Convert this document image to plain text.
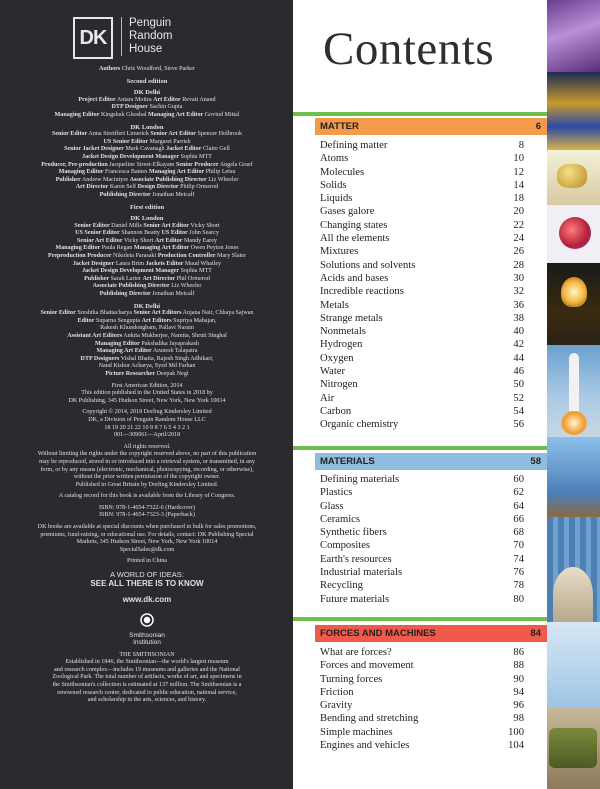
DK
Penguin
Random
House

Authors Chris Woodford, Steve Parker

Second edition

DK Delhi

Project Editor Antara Moitra Art Editor Revati Anand

DTP Designer Sachin Gupta

Managing Editor Kingshuk Ghoshal Managing Art Editor Govind Mittal

DK London

Senior Editor Anna Streiffert Limerick Senior Art Editor Spencer Holbrook

US Senior Editor Margaret Parrish

Senior Jacket Designer Mark Cavanagh Jacket Editor Claire Gell

Jacket Design Development Manager Sophia MTT

Producer, Pre-production Jacqueline Street-Elkayam Senior Producer Angela Graef

Managing Editor Francesca Baines Managing Art Editor Philip Letsu

Publisher Andrew Macintyre Associate Publishing Director Liz Wheeler

Art Director Karen Self Design Director Philip Ormerod

Publishing Director Jonathan Metcalf

First edition

DK London

Senior Editor Daniel Mills Senior Art Editor Vicky Short

US Senior Editor Shannon Beatty US Editor John Searcy

Senior Art Editor Vicky Short Art Editor Mandy Earey

Managing Editor Paula Regan Managing Art Editor Owen Peyton Jones

Preproduction Producer Nikoleta Parasaki Production Controller Mary Slater

Jacket Designer Laura Brim Jackets Editor Maud Whatley

Jacket Design Development Manager Sophia MTT

Publisher Sarah Larter Art Director Phil Ormerod

Associate Publishing Director Liz Wheeler

Publishing Director Jonathan Metcalf

DK Delhi

Senior Editor Sreshtha Bhattacharya Senior Art Editors Anjana Nair, Chhaya Sajwan

Editor Suparna Sengupta Art Editors Supriya Mahajan,

Rakesh Khundongbam, Pallavi Narain

Assistant Art Editors Ankita Mukherjee, Namita, Shruti Singhal

Managing Editor Pakshalika Jayaprakash

Managing Art Editor Arunesh Talapatra

DTP Designers Vishal Bhatia, Rajesh Singh Adhikari,

Nand Kishor Acharya, Syed Md Farhan

Picture Researcher Deepak Negi

First American Edition, 2014

This edition published in the United States in 2018 by

DK Publishing, 345 Hudson Street, New York, New York 10014

Copyright © 2014, 2018 Dorling Kindersley Limited

DK, a Division of Penguin Random House LLC

18 19 20 21 22 10 9 8 7 6 5 4 3 2 1

001—309061—April/2018

All rights reserved.

Without limiting the rights under the copyright reserved above, no part of this publication

may be reproduced, stored in or introduced into a retrieval system, or transmitted, in any

form, or by any means (electronic, mechanical, photocopying, recording, or otherwise),

without the prior written permission of the copyright owner.

Published in Great Britain by Dorling Kindersley Limited.

A catalog record for this book is available from the Library of Congress.

ISBN: 978-1-4654-7322-6 (Hardcover)

ISBN: 978-1-4654-7323-3 (Paperback)

DK books are available at special discounts when purchased in bulk for sales promotions,

premiums, fund-raising, or educational use. For details, contact: DK Publishing Special

Markets, 345 Hudson Street, New York, New York 10014

SpecialSales@dk.com

Printed in China

A WORLD OF IDEAS:

SEE ALL THERE IS TO KNOW

www.dk.com

Smithsonian

Institution

THE SMITHSONIAN

Established in 1846, the Smithsonian—the world's largest museum

and research complex—includes 19 museums and galleries and the National

Zoological Park. The total number of artifacts, works of art, and specimens in

the Smithsonian's collection is estimated at 137 million. The Smithsonian is a

renowned research center, dedicated to public education, national service,

and scholarship in the arts, sciences, and history.

Contents
MATTER	6
Defining matter	8
Atoms	10
Molecules	12
Solids	14
Liquids	18
Gases galore	20
Changing states	22
All the elements	24
Mixtures	26
Solutions and solvents	28
Acids and bases	30
Incredible reactions	32
Metals	36
Strange metals	38
Nonmetals	40
Hydrogen	42
Oxygen	44
Water	46
Nitrogen	50
Air	52
Carbon	54
Organic chemistry	56
MATERIALS	58
Defining materials	60
Plastics	62
Glass	64
Ceramics	66
Synthetic fibers	68
Composites	70
Earth's resources	74
Industrial materials	76
Recycling	78
Future materials	80
FORCES AND MACHINES	84
What are forces?	86
Forces and movement	88
Turning forces	90
Friction	94
Gravity	96
Bending and stretching	98
Simple machines	100
Engines and vehicles	104
